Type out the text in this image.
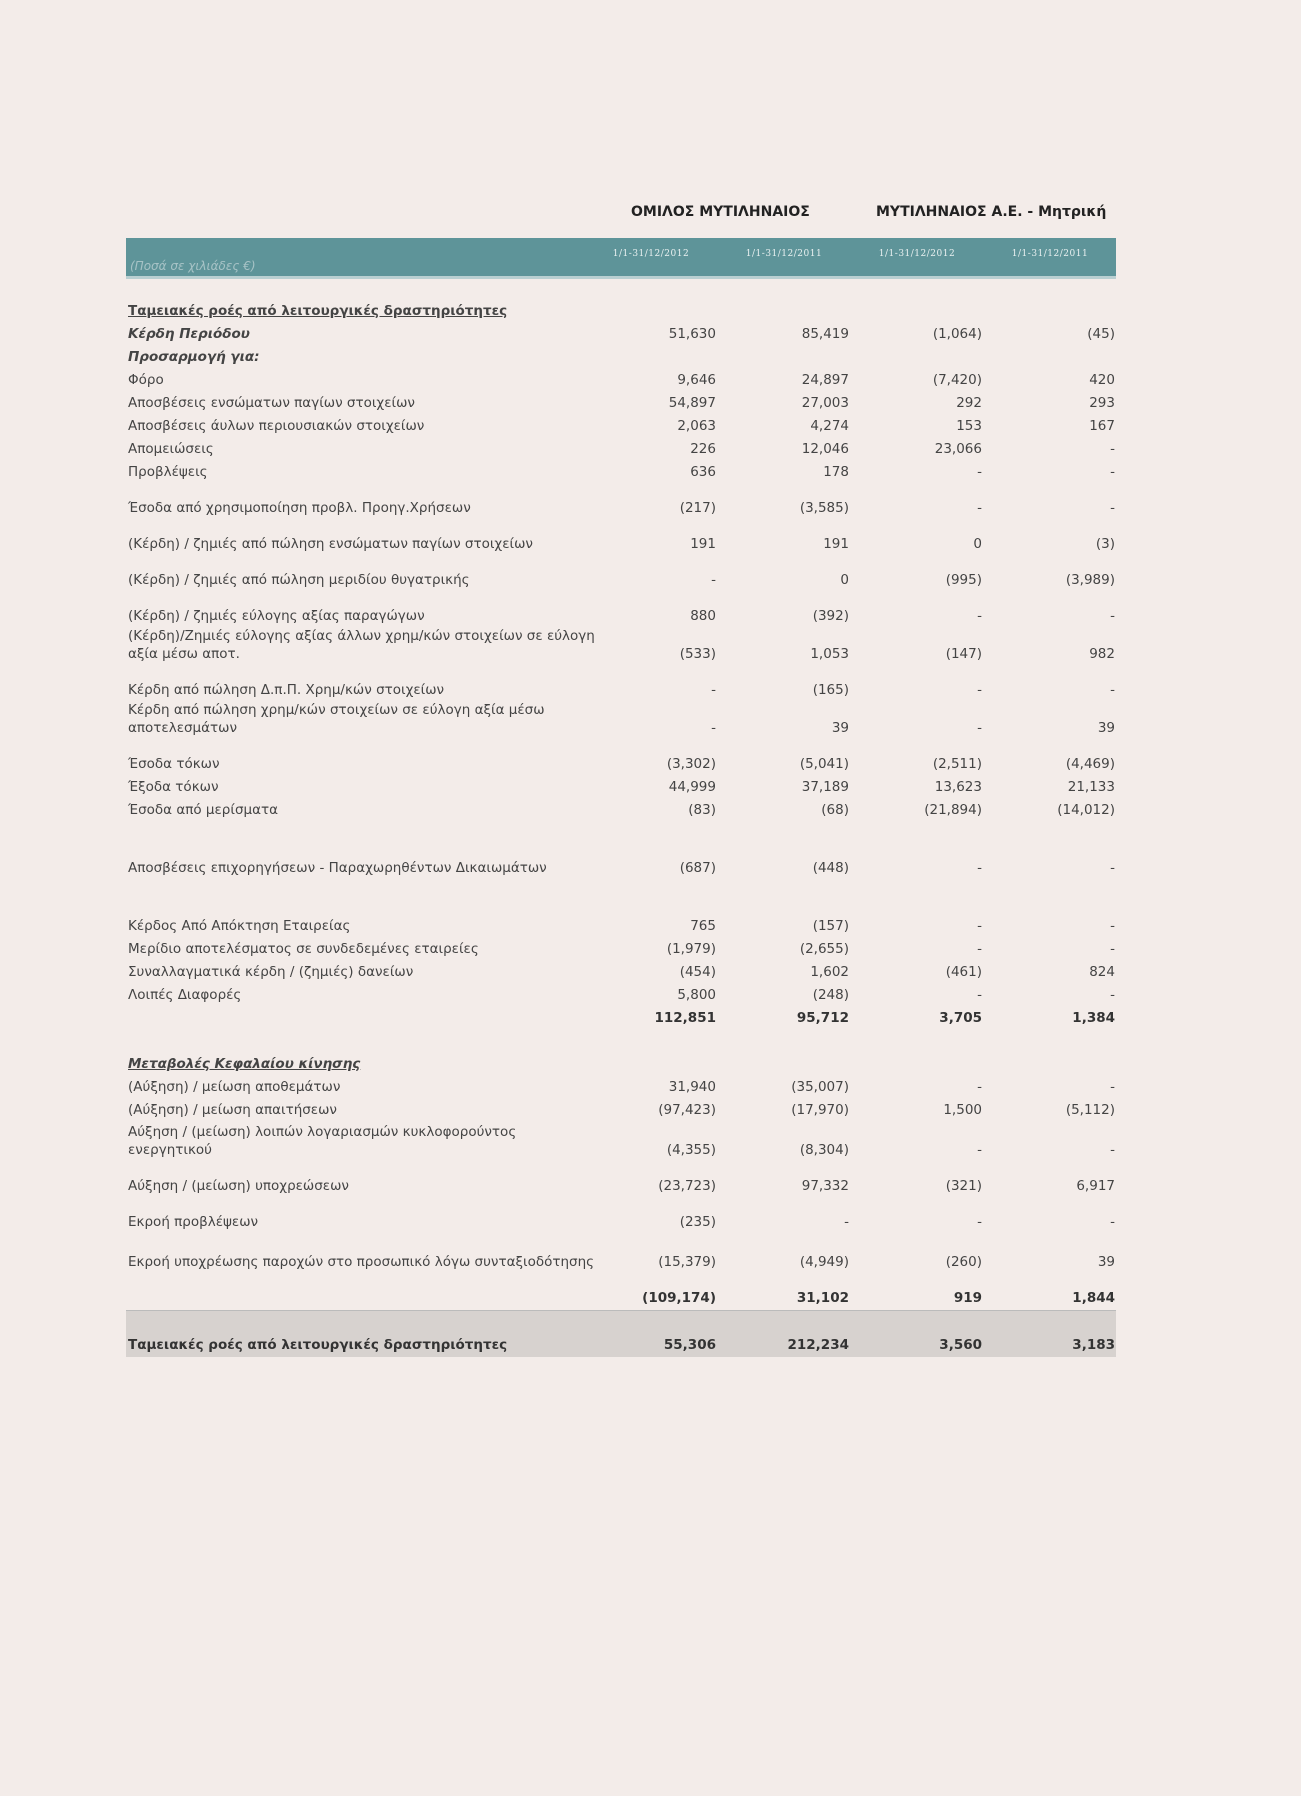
ΟΜΙΛΟΣ ΜΥΤΙΛΗΝΑΙΟΣ	ΜΥΤΙΛΗΝΑΙΟΣ Α.Ε. - Μητρική
(Ποσά σε χιλιάδες €)
1/1-31/12/2012	1/1-31/12/2011	1/1-31/12/2012	1/1-31/12/2011
Ταμειακές ροές από λειτουργικές δραστηριότητες
Κέρδη Περιόδου	51,630	85,419	(1,064)	(45)
Προσαρμογή για:
Φόρο	9,646	24,897	(7,420)	420
Αποσβέσεις ενσώματων παγίων στοιχείων	54,897	27,003	292	293
Αποσβέσεις άυλων περιουσιακών στοιχείων	2,063	4,274	153	167
Απομειώσεις	226	12,046	23,066	-
Προβλέψεις	636	178	-	-
Έσοδα από χρησιμοποίηση προβλ. Προηγ.Χρήσεων	(217)	(3,585)	-	-
(Κέρδη) / ζημιές από πώληση ενσώματων παγίων στοιχείων	191	191	0	(3)
(Κέρδη) / ζημιές από πώληση μεριδίου θυγατρικής	-	0	(995)	(3,989)
(Κέρδη) / ζημιές εύλογης αξίας παραγώγων	880	(392)	-	-
(Κέρδη)/Ζημιές εύλογης αξίας άλλων χρημ/κών στοιχείων σε εύλογη αξία μέσω αποτ.	(533)	1,053	(147)	982
Κέρδη από πώληση Δ.π.Π. Χρημ/κών στοιχείων	-	(165)	-	-
Κέρδη από πώληση χρημ/κών στοιχείων σε εύλογη αξία μέσω αποτελεσμάτων	-	39	-	39
Έσοδα τόκων	(3,302)	(5,041)	(2,511)	(4,469)
Έξοδα τόκων	44,999	37,189	13,623	21,133
Έσοδα από μερίσματα	(83)	(68)	(21,894)	(14,012)
Αποσβέσεις επιχορηγήσεων - Παραχωρηθέντων Δικαιωμάτων	(687)	(448)	-	-
Κέρδος Από Απόκτηση Εταιρείας	765	(157)	-	-
Μερίδιο αποτελέσματος σε συνδεδεμένες εταιρείες	(1,979)	(2,655)	-	-
Συναλλαγματικά κέρδη / (ζημιές) δανείων	(454)	1,602	(461)	824
Λοιπές Διαφορές	5,800	(248)	-	-
112,851	95,712	3,705	1,384
Μεταβολές Κεφαλαίου κίνησης
(Αύξηση) / μείωση αποθεμάτων	31,940	(35,007)	-	-
(Αύξηση) / μείωση απαιτήσεων	(97,423)	(17,970)	1,500	(5,112)
Αύξηση / (μείωση) λοιπών λογαριασμών κυκλοφορούντος ενεργητικού	(4,355)	(8,304)	-	-
Αύξηση / (μείωση) υποχρεώσεων	(23,723)	97,332	(321)	6,917
Εκροή προβλέψεων	(235)	-	-	-
Εκροή υποχρέωσης παροχών στο προσωπικό λόγω συνταξιοδότησης	(15,379)	(4,949)	(260)	39
(109,174)	31,102	919	1,844
Ταμειακές ροές από λειτουργικές δραστηριότητες	55,306	212,234	3,560	3,183
